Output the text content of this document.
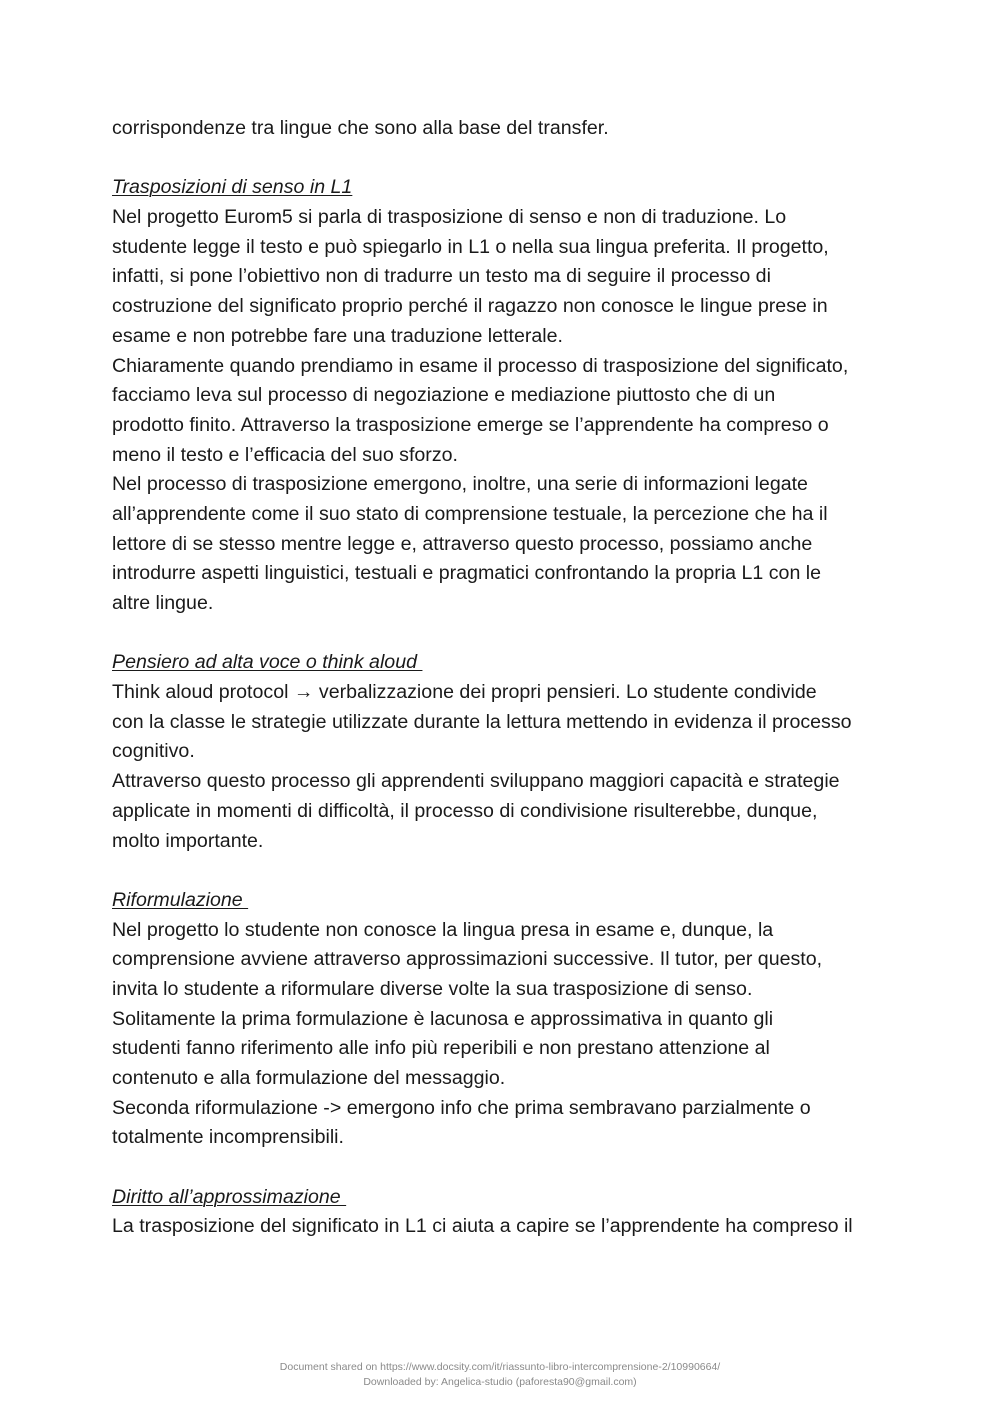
corrispondenze tra lingue che sono alla base del transfer.
Trasposizioni di senso in L1
Nel progetto Eurom5 si parla di trasposizione di senso e non di traduzione. Lo
studente legge il testo e può spiegarlo in L1 o nella sua lingua preferita. Il progetto,
infatti, si pone l’obiettivo non di tradurre un testo ma di seguire il processo di
costruzione del significato proprio perché il ragazzo non conosce le lingue prese in
esame e non potrebbe fare una traduzione letterale.
Chiaramente quando prendiamo in esame il processo di trasposizione del significato,
facciamo leva sul processo di negoziazione e mediazione piuttosto che di un
prodotto finito. Attraverso la trasposizione emerge se l’apprendente ha compreso o
meno il testo e l’efficacia del suo sforzo.
Nel processo di trasposizione emergono, inoltre, una serie di informazioni legate
all’apprendente come il suo stato di comprensione testuale, la percezione che ha il
lettore di se stesso mentre legge e, attraverso questo processo, possiamo anche
introdurre aspetti linguistici, testuali e pragmatici confrontando la propria L1 con le
altre lingue.
Pensiero ad alta voce o think aloud
Think aloud protocol → verbalizzazione dei propri pensieri. Lo studente condivide
con la classe le strategie utilizzate durante la lettura mettendo in evidenza il processo
cognitivo.
Attraverso questo processo gli apprendenti sviluppano maggiori capacità e strategie
applicate in momenti di difficoltà, il processo di condivisione risulterebbe, dunque,
molto importante.
Riformulazione
Nel progetto lo studente non conosce la lingua presa in esame e, dunque, la
comprensione avviene attraverso approssimazioni successive. Il tutor, per questo,
invita lo studente a riformulare diverse volte la sua trasposizione di senso.
Solitamente la prima formulazione è lacunosa e approssimativa in quanto gli
studenti fanno riferimento alle info più reperibili e non prestano attenzione al
contenuto e alla formulazione del messaggio.
Seconda riformulazione -> emergono info che prima sembravano parzialmente o
totalmente incomprensibili.
Diritto all’approssimazione
La trasposizione del significato in L1 ci aiuta a capire se l’apprendente ha compreso il
Document shared on https://www.docsity.com/it/riassunto-libro-intercomprensione-2/10990664/
Downloaded by: Angelica-studio (paforesta90@gmail.com)
